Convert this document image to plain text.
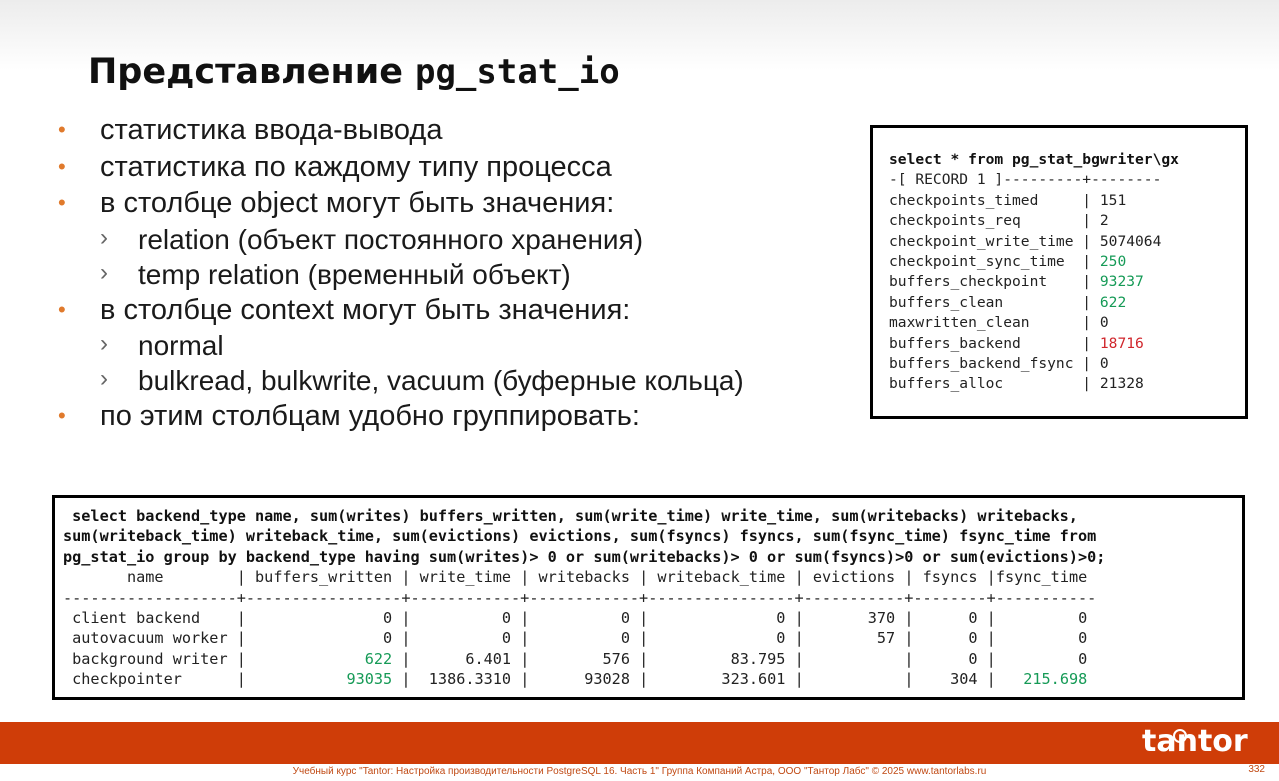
Представление pg_stat_io
• статистика ввода-вывода
• статистика по каждому типу процесса
• в столбце object могут быть значения:
› relation (объект постоянного хранения)
› temp relation (временный объект)
• в столбце context могут быть значения:
› normal
› bulkread, bulkwrite, vacuum (буферные кольца)
• по этим столбцам удобно группировать:
select * from pg_stat_bgwriter\gx
-[ RECORD 1 ]---------+--------
checkpoints_timed     | 151
checkpoints_req       | 2
checkpoint_write_time | 5074064
checkpoint_sync_time  | 250
buffers_checkpoint    | 93237
buffers_clean         | 622
maxwritten_clean      | 0
buffers_backend       | 18716
buffers_backend_fsync | 0
buffers_alloc         | 21328
select backend_type name, sum(writes) buffers_written, sum(write_time) write_time, sum(writebacks) writebacks,
sum(writeback_time) writeback_time, sum(evictions) evictions, sum(fsyncs) fsyncs, sum(fsync_time) fsync_time from
pg_stat_io group by backend_type having sum(writes)> 0 or sum(writebacks)> 0 or sum(fsyncs)>0 or sum(evictions)>0;
name        | buffers_written | write_time | writebacks | writeback_time | evictions | fsyncs |fsync_time
-------------------+-----------------+------------+------------+----------------+-----------+--------+-----------
client backend    |               0 |          0 |          0 |              0 |       370 |      0 |         0
autovacuum worker |               0 |          0 |          0 |              0 |        57 |      0 |         0
background writer |             622 |      6.401 |        576 |         83.795 |	|      0 |         0
checkpointer      |           93035 |  1386.3310 |      93028 |        323.601 |	|    304 |   215.698
tantor
Учебный курс "Tantor: Настройка производительности PostgreSQL 16. Часть 1" Группа Компаний Астра, ООО "Тантор Лабс" © 2025 www.tantorlabs.ru	332
